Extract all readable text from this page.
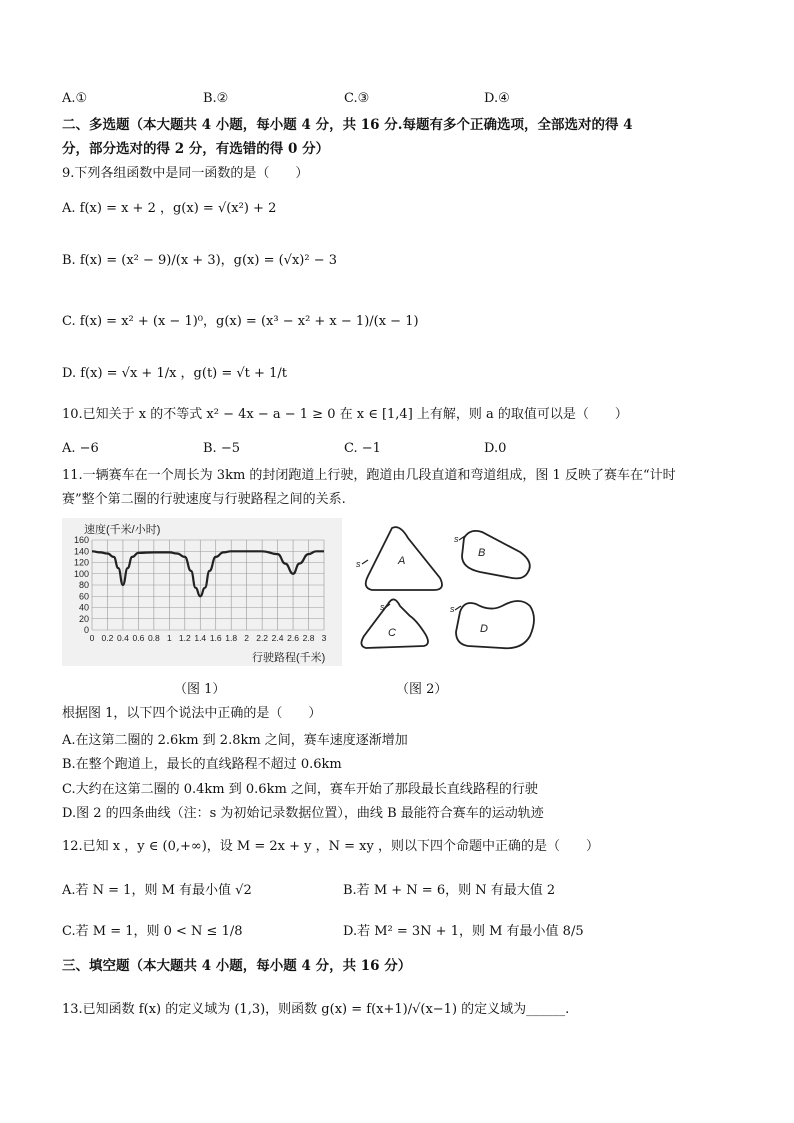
A.①	B.②	C.③	D.④
二、多选题（本大题共 4 小题，每小题 4 分，共 16 分.每题有多个正确选项，全部选对的得 4
分，部分选对的得 2 分，有选错的得 0 分）
9.下列各组函数中是同一函数的是（　　）
A. f(x) = x + 2 ，g(x) = √(x²) + 2
B. f(x) = (x² − 9)/(x + 3)，g(x) = (√x)² − 3
C. f(x) = x² + (x − 1)⁰，g(x) = (x³ − x² + x − 1)/(x − 1)
D. f(x) = √x + 1/x ，g(t) = √t + 1/t
10.已知关于 x 的不等式 x² − 4x − a − 1 ≥ 0 在 x ∈ [1,4] 上有解，则 a 的取值可以是（　　）
A. −6	B. −5	C. −1	D.0
11.一辆赛车在一个周长为 3km 的封闭跑道上行驶，跑道由几段直道和弯道组成，图 1 反映了赛车在“计时
赛”整个第二圈的行驶速度与行驶路程之间的关系.
速度(千米/小时)
0
20
40
60
80
100
120
140
160
0 0.2 0.4 0.6 0.8 1 1.2 1.4 1.6 1.8 2 2.2 2.4 2.6 2.8 3
行驶路程(千米)
A
s
B
s
C
s
D
s
（图 1）	（图 2）
根据图 1，以下四个说法中正确的是（　　）
A.在这第二圈的 2.6km 到 2.8km 之间，赛车速度逐渐增加
B.在整个跑道上，最长的直线路程不超过 0.6km
C.大约在这第二圈的 0.4km 到 0.6km 之间，赛车开始了那段最长直线路程的行驶
D.图 2 的四条曲线（注：s 为初始记录数据位置），曲线 B 最能符合赛车的运动轨迹
12.已知 x ，y ∈ (0,+∞)，设 M = 2x + y ，N = xy ，则以下四个命题中正确的是（　　）
A.若 N = 1，则 M 有最小值 √2	B.若 M + N = 6，则 N 有最大值 2
C.若 M = 1，则 0 < N ≤ 1/8	D.若 M² = 3N + 1，则 M 有最小值 8/5
三、填空题（本大题共 4 小题，每小题 4 分，共 16 分）
13.已知函数 f(x) 的定义域为 (1,3)，则函数 g(x) = f(x+1)/√(x−1) 的定义域为______.
